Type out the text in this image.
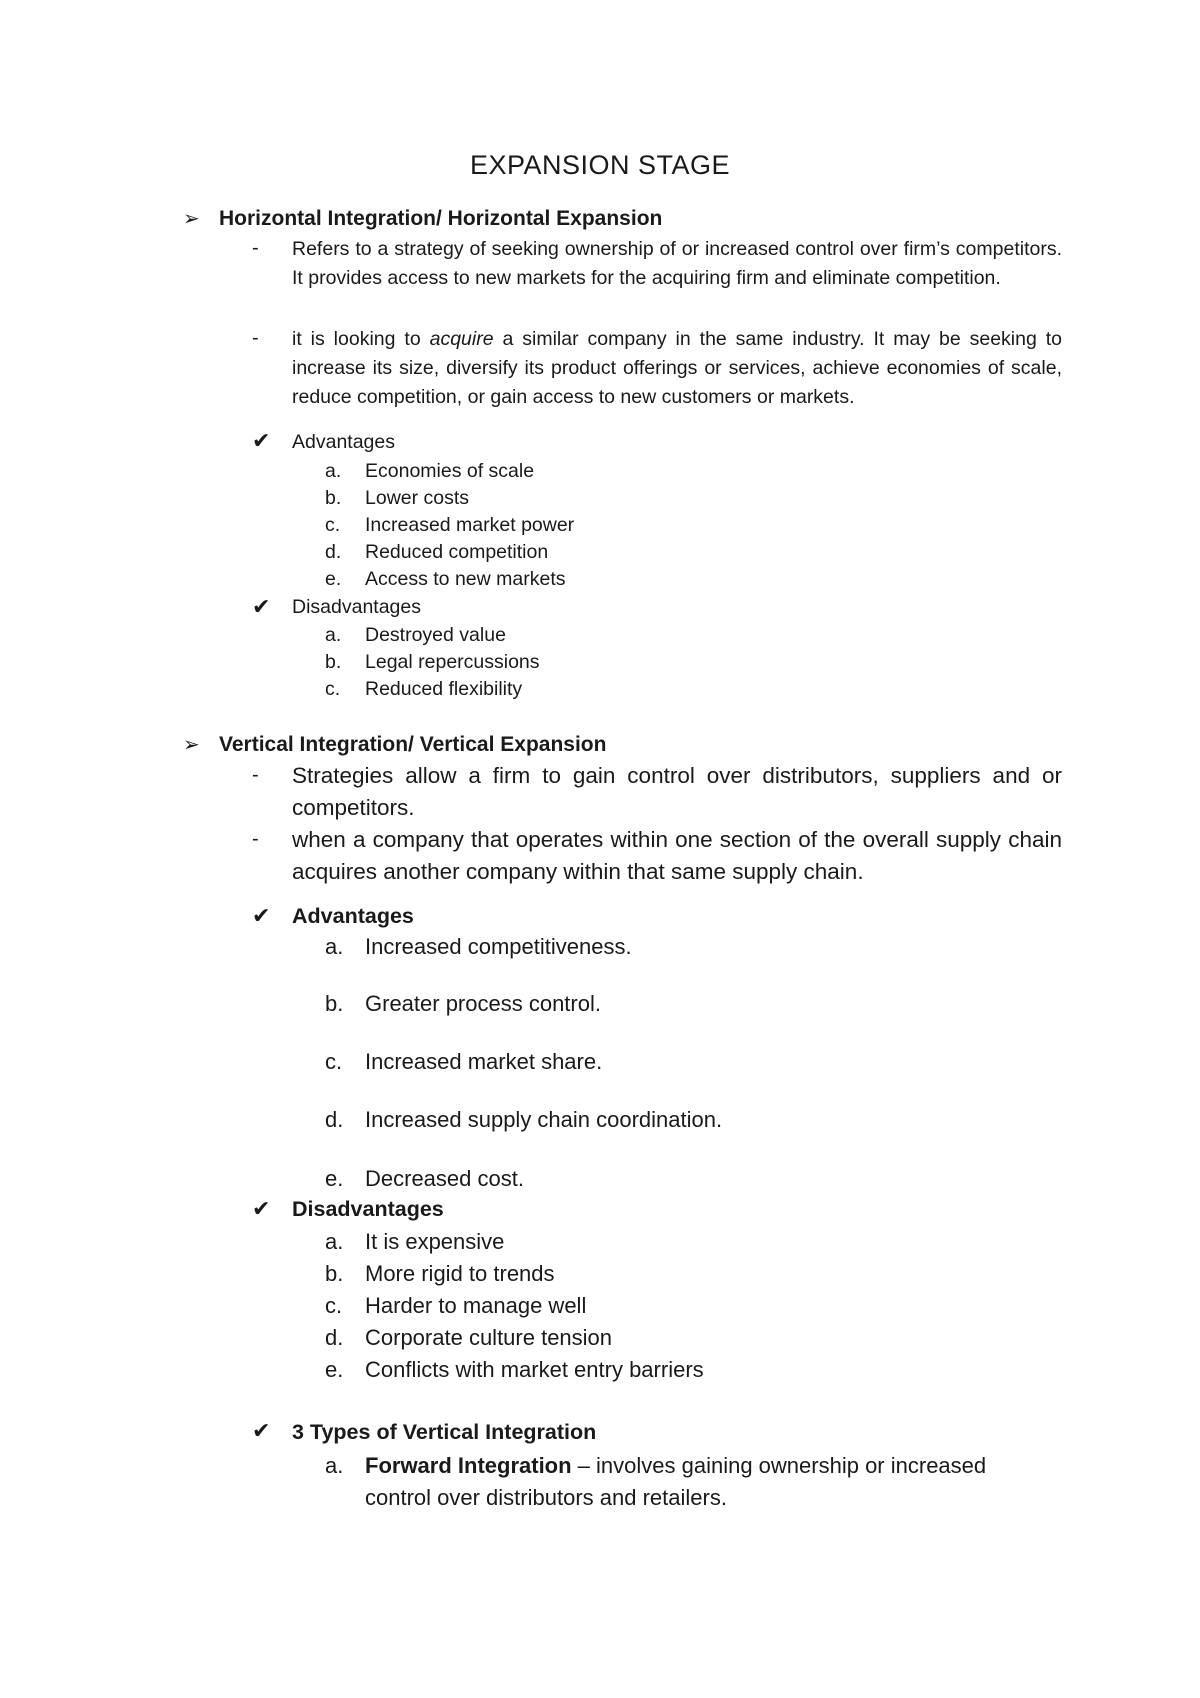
EXPANSION STAGE
➢ Horizontal Integration/ Horizontal Expansion
- Refers to a strategy of seeking ownership of or increased control over firm’s competitors. It provides access to new markets for the acquiring firm and eliminate competition.
- it is looking to acquire a similar company in the same industry. It may be seeking to increase its size, diversify its product offerings or services, achieve economies of scale, reduce competition, or gain access to new customers or markets.
✔ Advantages
a. Economies of scale
b. Lower costs
c. Increased market power
d. Reduced competition
e. Access to new markets
✔ Disadvantages
a. Destroyed value
b. Legal repercussions
c. Reduced flexibility
➢ Vertical Integration/ Vertical Expansion
- Strategies allow a firm to gain control over distributors, suppliers and or competitors.
- when a company that operates within one section of the overall supply chain acquires another company within that same supply chain.
✔ Advantages
a. Increased competitiveness.
b. Greater process control.
c. Increased market share.
d. Increased supply chain coordination.
e. Decreased cost.
✔ Disadvantages
a. It is expensive
b. More rigid to trends
c. Harder to manage well
d. Corporate culture tension
e. Conflicts with market entry barriers
✔ 3 Types of Vertical Integration
a. Forward Integration – involves gaining ownership or increased
control over distributors and retailers.
